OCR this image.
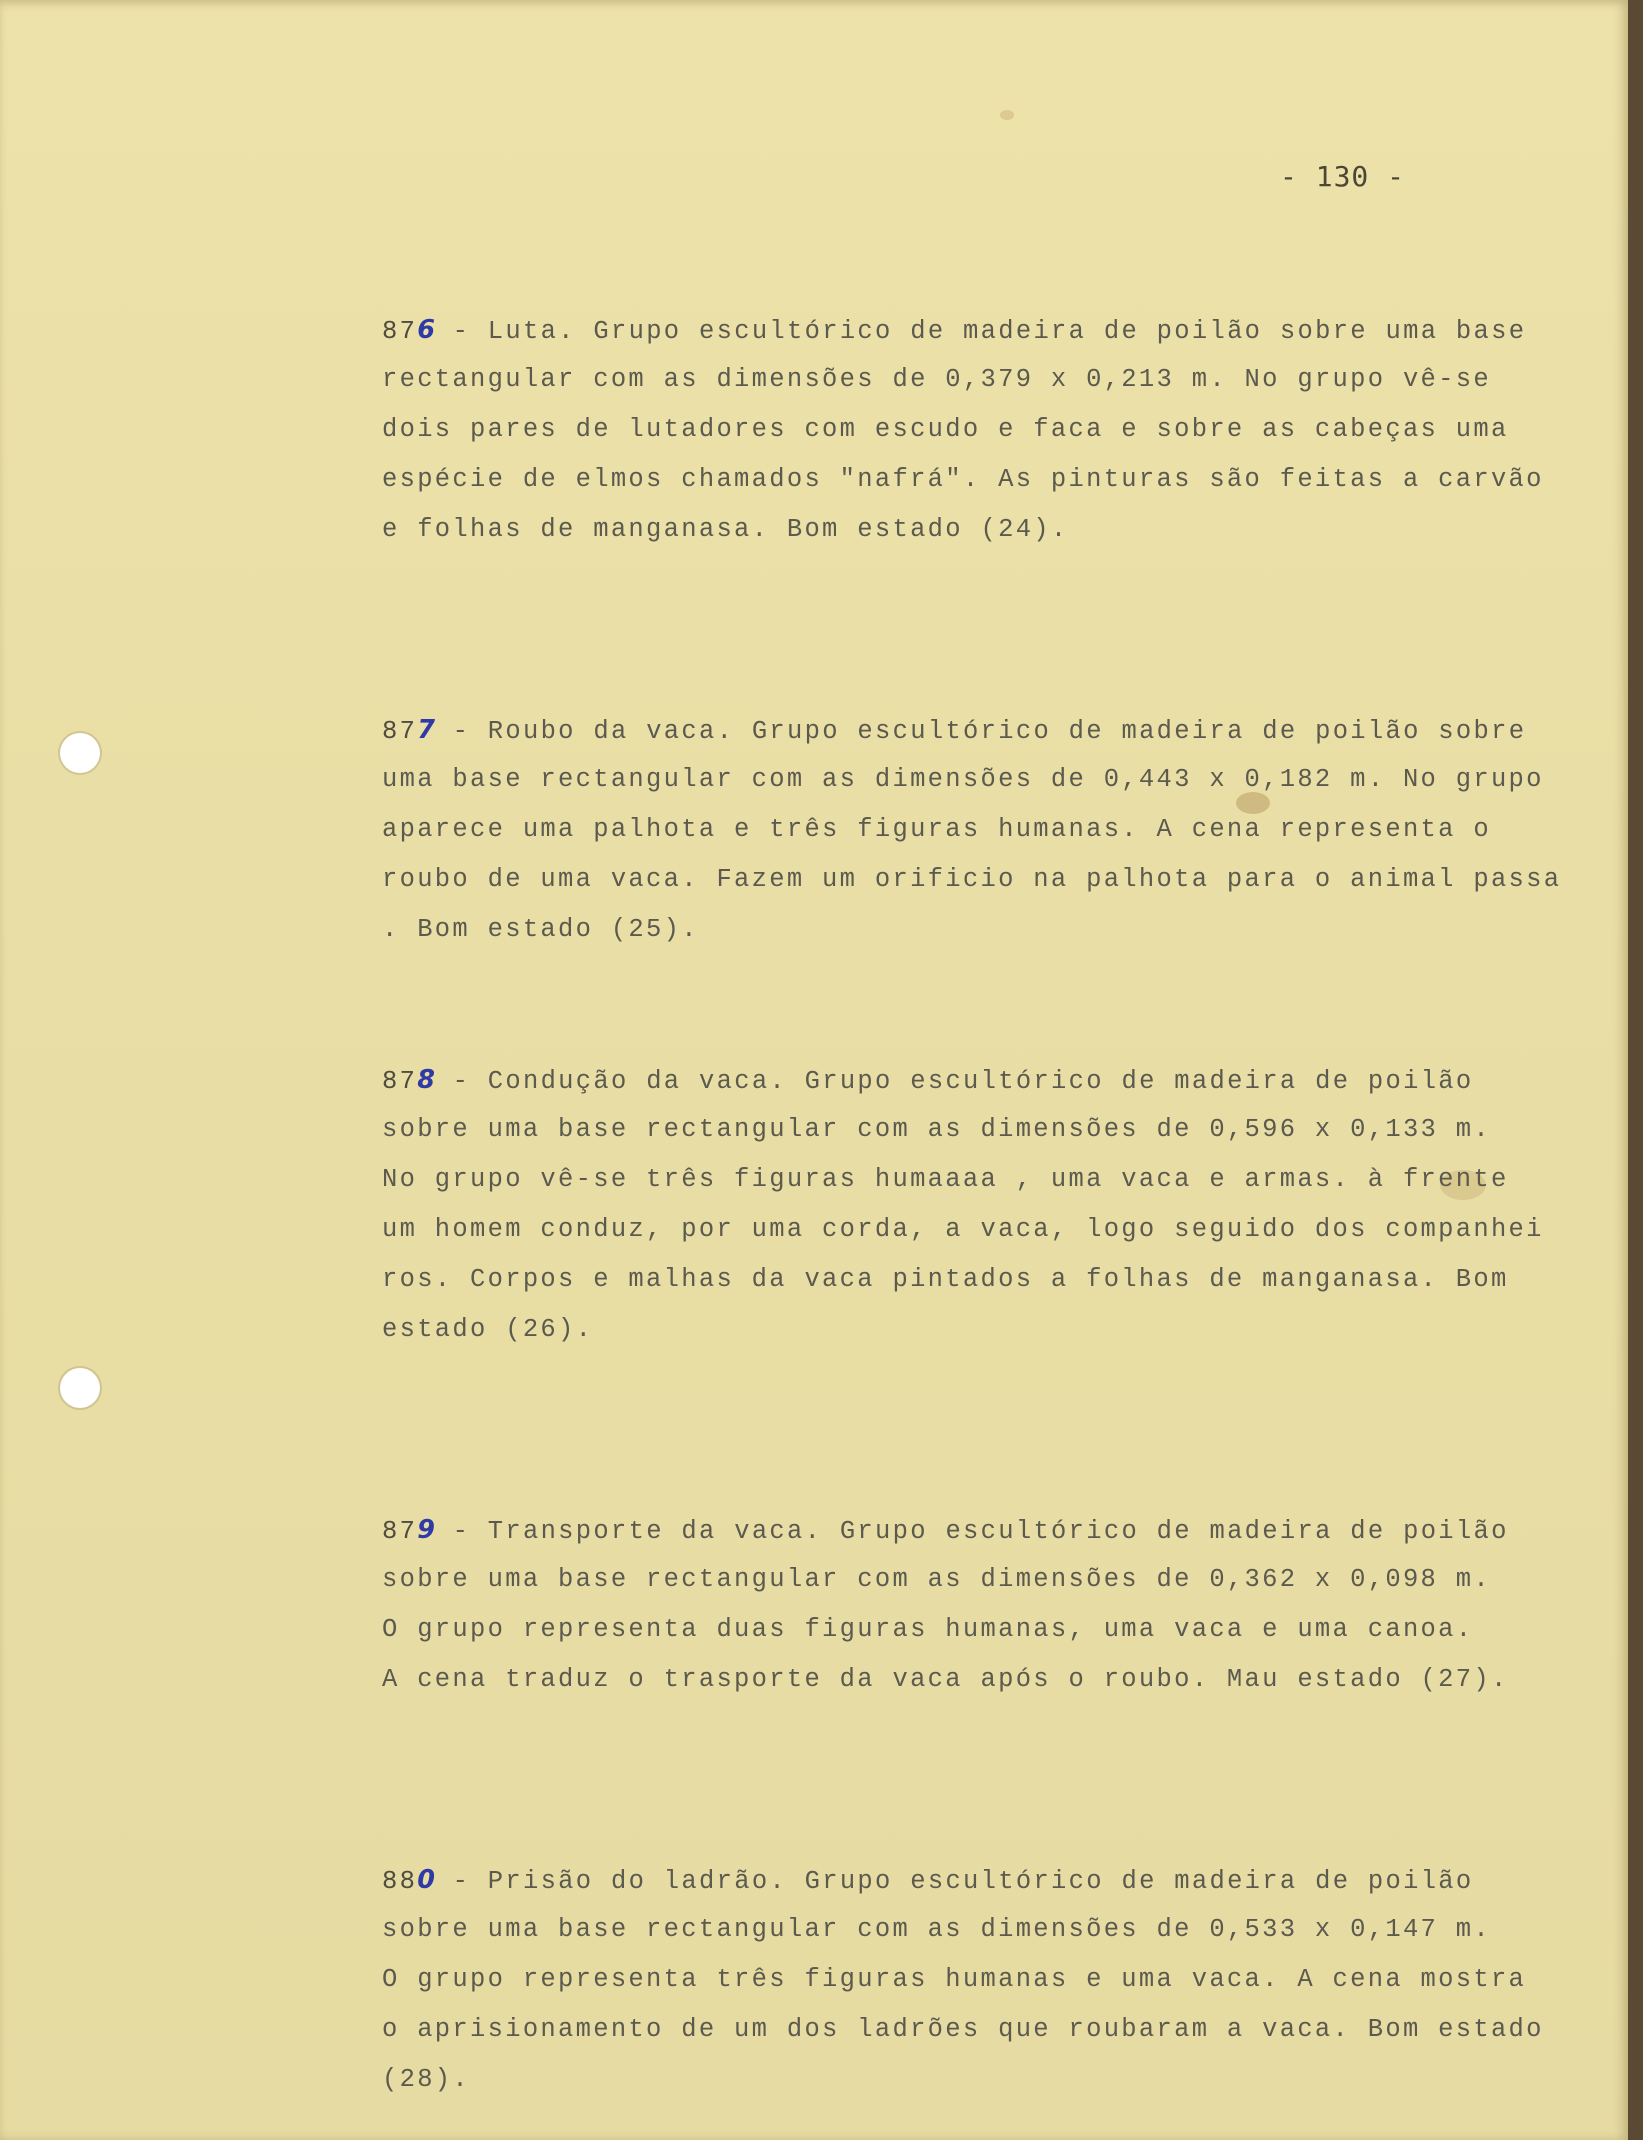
- 130 -
876 - Luta. Grupo escultórico de madeira de poilão sobre uma base
rectangular com as dimensões de 0,379 x 0,213 m. No grupo vê-se
dois pares de lutadores com escudo e faca e sobre as cabeças uma
espécie de elmos chamados "nafrá". As pinturas são feitas a carvão
e folhas de manganasa. Bom estado (24).
877 - Roubo da vaca. Grupo escultórico de madeira de poilão sobre
uma base rectangular com as dimensões de 0,443 x 0,182 m. No grupo
aparece uma palhota e três figuras humanas. A cena representa o
roubo de uma vaca. Fazem um orificio na palhota para o animal passa
. Bom estado (25).
878 - Condução da vaca. Grupo escultórico de madeira de poilão
sobre uma base rectangular com as dimensões de 0,596 x 0,133 m.
No grupo vê-se três figuras humaaaa , uma vaca e armas. à frente
um homem conduz, por uma corda, a vaca, logo seguido dos companhei
ros. Corpos e malhas da vaca pintados a folhas de manganasa. Bom
estado (26).
879 - Transporte da vaca. Grupo escultórico de madeira de poilão
sobre uma base rectangular com as dimensões de 0,362 x 0,098 m.
O grupo representa duas figuras humanas, uma vaca e uma canoa.
A cena traduz o trasporte da vaca após o roubo. Mau estado (27).
880 - Prisão do ladrão. Grupo escultórico de madeira de poilão
sobre uma base rectangular com as dimensões de 0,533 x 0,147 m.
O grupo representa três figuras humanas e uma vaca. A cena mostra
o aprisionamento de um dos ladrões que roubaram a vaca. Bom estado
(28).
